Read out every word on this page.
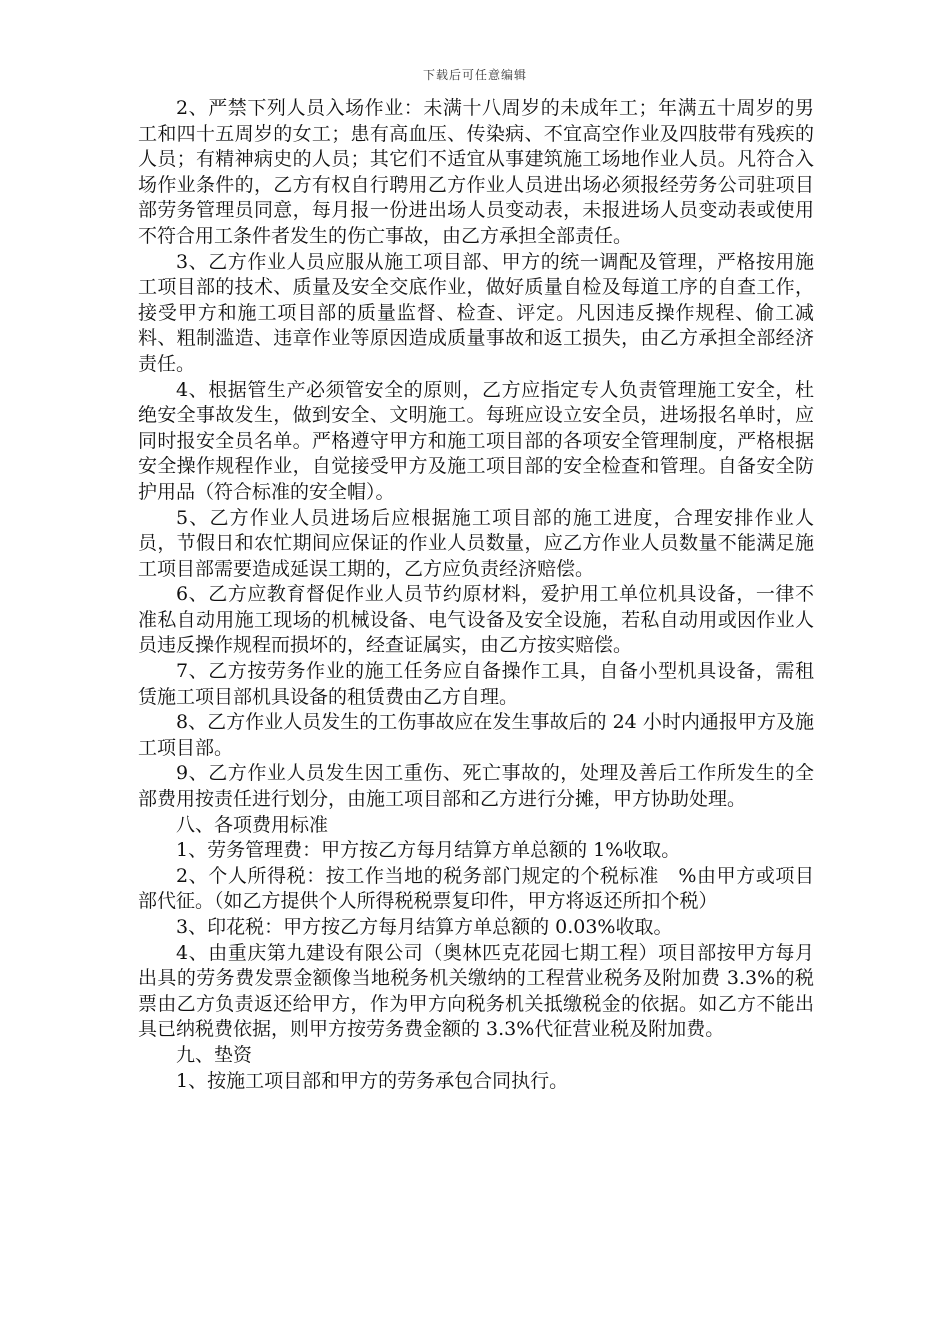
下载后可任意编辑

2、严禁下列人员入场作业：未满十八周岁的未成年工；年满五十周岁的男工和四十五周岁的女工；患有高血压、传染病、不宜高空作业及四肢带有残疾的人员；有精神病史的人员；其它们不适宜从事建筑施工场地作业人员。凡符合入场作业条件的，乙方有权自行聘用乙方作业人员进出场必须报经劳务公司驻项目部劳务管理员同意，每月报一份进出场人员变动表，未报进场人员变动表或使用不符合用工条件者发生的伤亡事故，由乙方承担全部责任。

3、乙方作业人员应服从施工项目部、甲方的统一调配及管理，严格按用施工项目部的技术、质量及安全交底作业，做好质量自检及每道工序的自查工作，接受甲方和施工项目部的质量监督、检查、评定。凡因违反操作规程、偷工减料、粗制滥造、违章作业等原因造成质量事故和返工损失，由乙方承担全部经济责任。

4、根据管生产必须管安全的原则，乙方应指定专人负责管理施工安全，杜绝安全事故发生，做到安全、文明施工。每班应设立安全员，进场报名单时，应同时报安全员名单。严格遵守甲方和施工项目部的各项安全管理制度，严格根据安全操作规程作业，自觉接受甲方及施工项目部的安全检查和管理。自备安全防护用品（符合标准的安全帽）。

5、乙方作业人员进场后应根据施工项目部的施工进度，合理安排作业人员，节假日和农忙期间应保证的作业人员数量，应乙方作业人员数量不能满足施工项目部需要造成延误工期的，乙方应负责经济赔偿。

6、乙方应教育督促作业人员节约原材料，爱护用工单位机具设备，一律不准私自动用施工现场的机械设备、电气设备及安全设施，若私自动用或因作业人员违反操作规程而损坏的，经查证属实，由乙方按实赔偿。

7、乙方按劳务作业的施工任务应自备操作工具，自备小型机具设备，需租赁施工项目部机具设备的租赁费由乙方自理。

8、乙方作业人员发生的工伤事故应在发生事故后的 24 小时内通报甲方及施工项目部。

9、乙方作业人员发生因工重伤、死亡事故的，处理及善后工作所发生的全部费用按责任进行划分，由施工项目部和乙方进行分摊，甲方协助处理。

八、各项费用标准

1、劳务管理费：甲方按乙方每月结算方单总额的 1%收取。

2、个人所得税：按工作当地的税务部门规定的个税标准　%由甲方或项目部代征。（如乙方提供个人所得税税票复印件，甲方将返还所扣个税）

3、印花税：甲方按乙方每月结算方单总额的 0.03%收取。

4、由重庆第九建设有限公司（奥林匹克花园七期工程）项目部按甲方每月出具的劳务费发票金额像当地税务机关缴纳的工程营业税务及附加费 3.3%的税票由乙方负责返还给甲方，作为甲方向税务机关抵缴税金的依据。如乙方不能出具已纳税费依据，则甲方按劳务费金额的 3.3%代征营业税及附加费。

九、垫资

1、按施工项目部和甲方的劳务承包合同执行。
